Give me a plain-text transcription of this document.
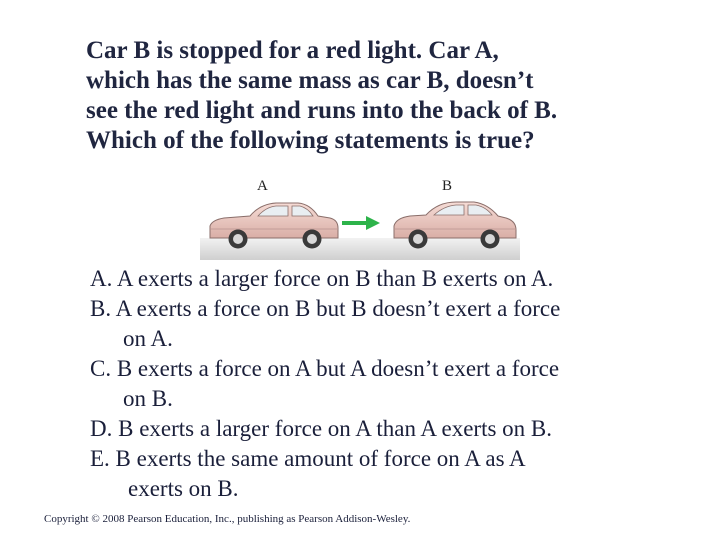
Car B is stopped for a red light. Car A,
which has the same mass as car B, doesn’t
see the red light and runs into the back of B.
Which of the following statements is true?
A	B
A. A exerts a larger force on B than B exerts on A.
B. A exerts a force on B but B doesn’t exert a force
on A.
C. B exerts a force on A but A doesn’t exert a force
on B.
D. B exerts a larger force on A than A exerts on B.
E. B exerts the same amount of force on A as A
exerts on B.
Copyright © 2008 Pearson Education, Inc., publishing as Pearson Addison-Wesley.
